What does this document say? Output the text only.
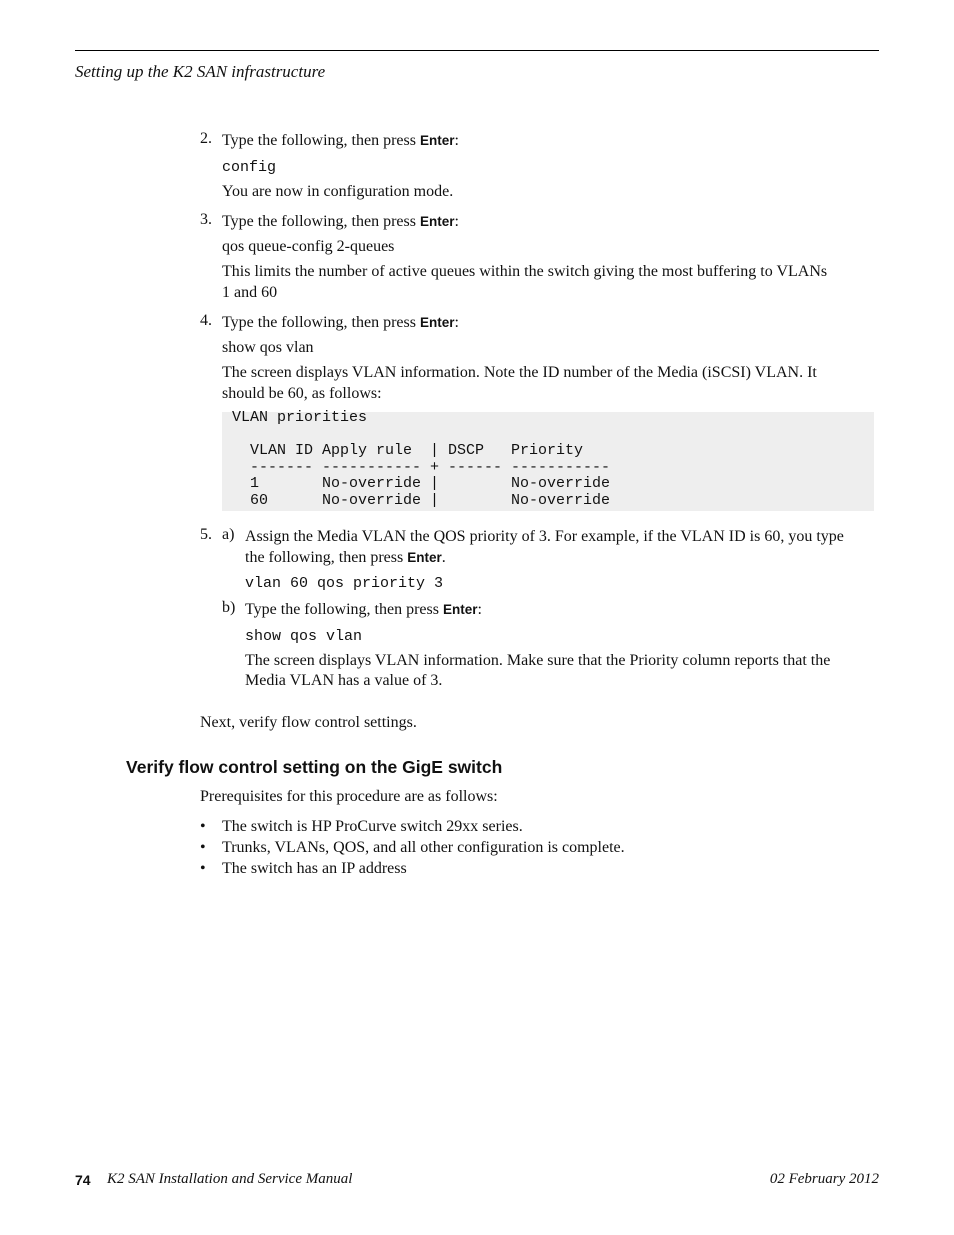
Setting up the K2 SAN infrastructure
2. Type the following, then press Enter:
config
You are now in configuration mode.
3. Type the following, then press Enter:
qos queue-config 2-queues
This limits the number of active queues within the switch giving the most buffering to VLANs
1 and 60
4. Type the following, then press Enter:
show qos vlan
The screen displays VLAN information. Note the ID number of the Media (iSCSI) VLAN. It
should be 60, as follows:
VLAN priorities

VLAN ID Apply rule  | DSCP   Priority
------- ----------- + ------ -----------
1       No-override |        No-override
60      No-override |        No-override
5. a) Assign the Media VLAN the QOS priority of 3. For example, if the VLAN ID is 60, you type
the following, then press Enter.
vlan 60 qos priority 3
b) Type the following, then press Enter:
show qos vlan
The screen displays VLAN information. Make sure that the Priority column reports that the
Media VLAN has a value of 3.
Next, verify flow control settings.
Verify flow control setting on the GigE switch
Prerequisites for this procedure are as follows:
• The switch is HP ProCurve switch 29xx series.
• Trunks, VLANs, QOS, and all other configuration is complete.
• The switch has an IP address
74 K2 SAN Installation and Service Manual	02 February 2012
